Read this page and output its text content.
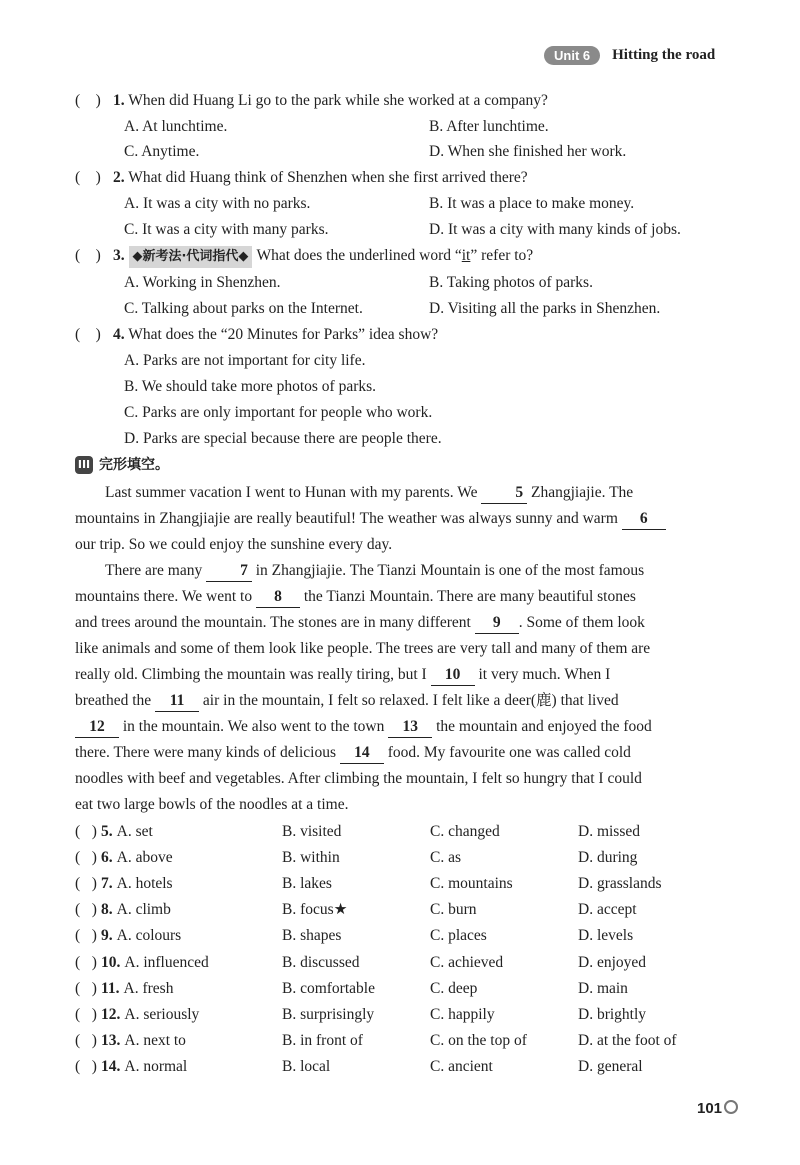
Unit 6	Hitting the road
(    ) 1. When did Huang Li go to the park while she worked at a company?
A. At lunchtime.	B. After lunchtime.
C. Anytime.	D. When she finished her work.
(    ) 2. What did Huang think of Shenzhen when she first arrived there?
A. It was a city with no parks.	B. It was a place to make money.
C. It was a city with many parks.	D. It was a city with many kinds of jobs.
(    ) 3. ◆新考法·代词指代◆ What does the underlined word “it” refer to?
A. Working in Shenzhen.	B. Taking photos of parks.
C. Talking about parks on the Internet.	D. Visiting all the parks in Shenzhen.
(    ) 4. What does the “20 Minutes for Parks” idea show?
A. Parks are not important for city life.
B. We should take more photos of parks.
C. Parks are only important for people who work.
D. Parks are special because there are people there.
III 完形填空。
Last summer vacation I went to Hunan with my parents. We 5 Zhangjiajie. The
mountains in Zhangjiajie are really beautiful! The weather was always sunny and warm 6
our trip. So we could enjoy the sunshine every day.
There are many 7 in Zhangjiajie. The Tianzi Mountain is one of the most famous
mountains there. We went to 8 the Tianzi Mountain. There are many beautiful stones
and trees around the mountain. The stones are in many different 9 . Some of them look
like animals and some of them look like people. The trees are very tall and many of them are
really old. Climbing the mountain was really tiring, but I 10 it very much. When I
breathed the 11 air in the mountain, I felt so relaxed. I felt like a deer(鹿) that lived
12 in the mountain. We also went to the town 13 the mountain and enjoyed the food
there. There were many kinds of delicious 14 food. My favourite one was called cold
noodles with beef and vegetables. After climbing the mountain, I felt so hungry that I could
eat two large bowls of the noodles at a time.
(   ) 5. A. set	B. visited	C. changed	D. missed
(   ) 6. A. above	B. within	C. as	D. during
(   ) 7. A. hotels	B. lakes	C. mountains	D. grasslands
(   ) 8. A. climb	B. focus★	C. burn	D. accept
(   ) 9. A. colours	B. shapes	C. places	D. levels
(   ) 10. A. influenced	B. discussed	C. achieved	D. enjoyed
(   ) 11. A. fresh	B. comfortable	C. deep	D. main
(   ) 12. A. seriously	B. surprisingly	C. happily	D. brightly
(   ) 13. A. next to	B. in front of	C. on the top of	D. at the foot of
(   ) 14. A. normal	B. local	C. ancient	D. general
101
